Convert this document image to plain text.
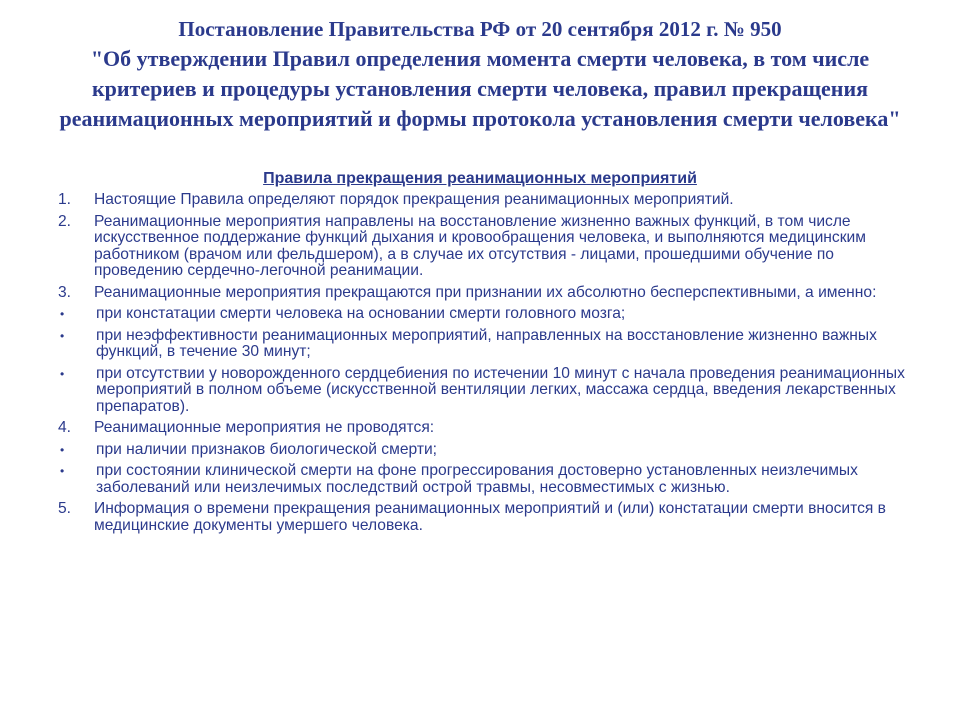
Постановление Правительства РФ от 20 сентября 2012 г. № 950
"Об утверждении Правил определения момента смерти человека, в том числе
критериев и процедуры установления смерти человека, правил прекращения
реанимационных мероприятий и формы протокола установления смерти человека"
Правила прекращения реанимационных мероприятий
1.	Настоящие Правила определяют порядок прекращения реанимационных мероприятий.
2.	Реанимационные мероприятия направлены на восстановление жизненно важных функций, в том числе искусственное поддержание функций дыхания и кровообращения человека, и выполняются медицинским работником (врачом или фельдшером), а в случае их отсутствия - лицами, прошедшими обучение по проведению сердечно-легочной реанимации.
3.	Реанимационные мероприятия прекращаются при признании их абсолютно бесперспективными, а именно:
•	при констатации смерти человека на основании смерти головного мозга;
•	при неэффективности реанимационных мероприятий, направленных на восстановление жизненно важных функций, в течение 30 минут;
•	при отсутствии у новорожденного сердцебиения по истечении 10 минут с начала проведения реанимационных мероприятий в полном объеме (искусственной вентиляции легких, массажа сердца, введения лекарственных препаратов).
4.	Реанимационные мероприятия не проводятся:
•	при наличии признаков биологической смерти;
•	при состоянии клинической смерти на фоне прогрессирования достоверно установленных неизлечимых заболеваний или неизлечимых последствий острой травмы, несовместимых с жизнью.
5.	Информация о времени прекращения реанимационных мероприятий и (или) констатации смерти вносится в медицинские документы умершего человека.
